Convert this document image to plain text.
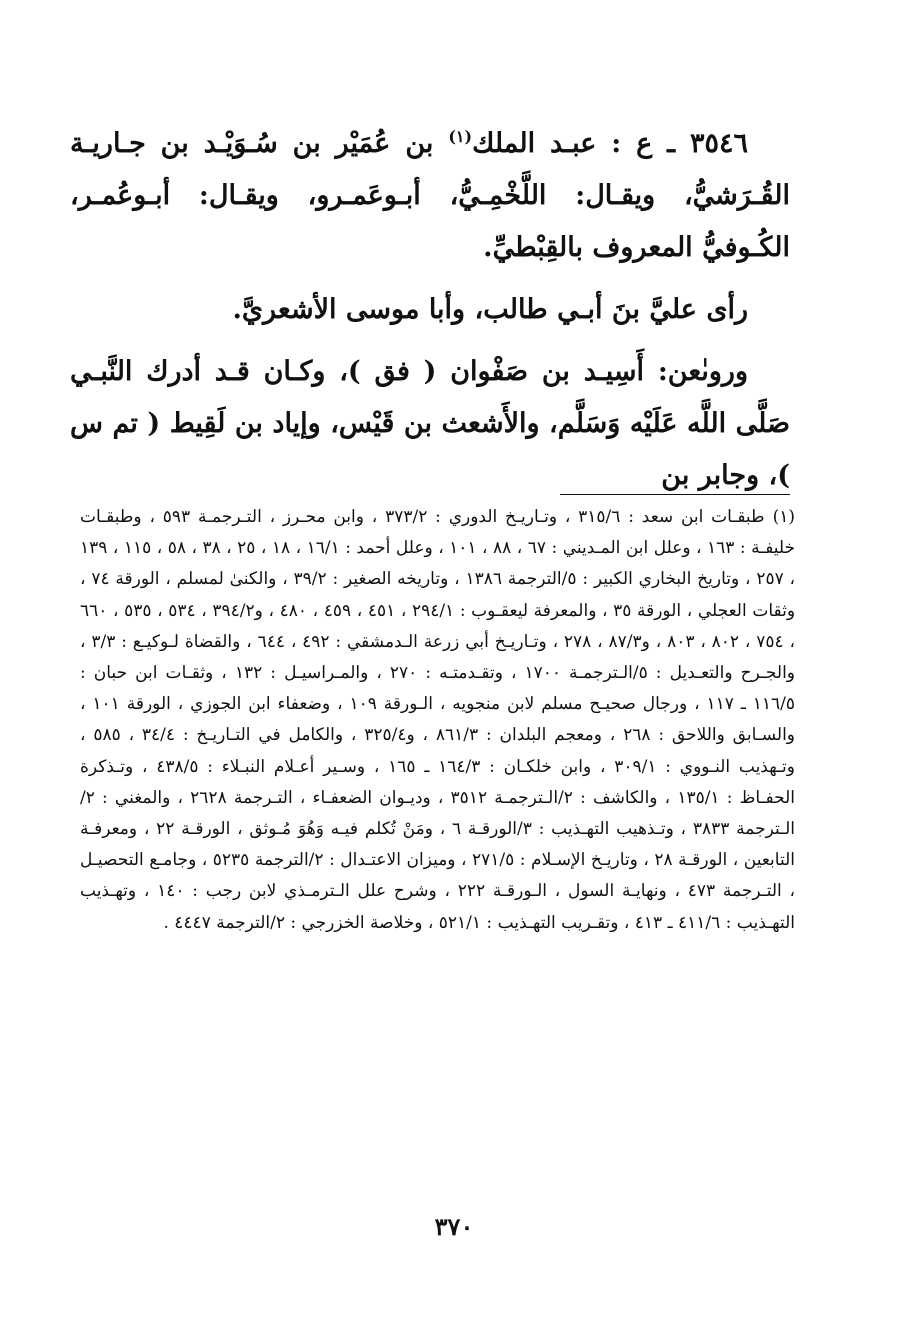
٣٥٤٦ ـ ع : عبـد الملك$^{(١)}$ بن عُمَيْر بن سُـوَيْـد بن جـاريـة القُـرَشيُّ، ويقـال: اللَّخْمِـيُّ، أبـوعَمـرو، ويقـال: أبـوعُمـر، الكُـوفيُّ المعروف بالقِبْطيِّ.

رأى عليَّ بنَ أبـي طالب، وأبا موسى الأشعريَّ.

وروىٰعن: أَسِيـد بن صَفْوان ( فق )، وكـان قـد أدرك النَّبـي صَلَّى اللَّه عَلَيْه وَسَلَّم، والأَشعث بن قَيْس، وإياد بن لَقِيط ( تم س )، وجابر بن

(١)طبقـات ابن سعد : ٣١٥/٦ ، وتـاريـخ الدوري : ٣٧٣/٢ ، وابن محـرز ، التـرجمـة ٥٩٣ ، وطبقـات خليفـة : ١٦٣ ، وعلل ابن المـديني : ٦٧ ، ٨٨ ، ١٠١ ، وعلل أحمد : ١٦/١ ، ١٨ ، ٢٥ ، ٣٨ ، ٥٨ ، ١١٥ ، ١٣٩ ، ٢٥٧ ، وتاريخ البخاري الكبير : ٥/الترجمة ١٣٨٦ ، وتاريخه الصغير : ٣٩/٢ ، والكنىٰ لمسلم ، الورقة ٧٤ ، وثقات العجلي ، الورقة ٣٥ ، والمعرفة ليعقـوب : ٢٩٤/١ ، ٤٥١ ، ٤٥٩ ، ٤٨٠ ، و٣٩٤/٢ ، ٥٣٤ ، ٥٣٥ ، ٦٦٠ ، ٧٥٤ ، ٨٠٢ ، ٨٠٣ ، و٨٧/٣ ، ٢٧٨ ، وتـاريـخ أبي زرعة الـدمشقي : ٤٩٢ ، ٦٤٤ ، والقضاة لـوكيـع : ٣/٣ ، والجـرح والتعـديل : ٥/الـترجمـة ١٧٠٠ ، وتقـدمتـه : ٢٧٠ ، والمـراسيـل : ١٣٢ ، وثقـات ابن حبان : ١١٦/٥ ـ ١١٧ ، ورجال صحيـح مسلم لابن منجويه ، الـورقة ١٠٩ ، وضعفاء ابن الجوزي ، الورقة ١٠١ ، والسـابق واللاحق : ٢٦٨ ، ومعجم البلدان : ٨٦١/٣ ، و٣٢٥/٤ ، والكامل في التـاريـخ : ٣٤/٤ ، ٥٨٥ ، وتـهذيب النـووي : ٣٠٩/١ ، وابن خلكـان : ١٦٤/٣ ـ ١٦٥ ، وسـير أعـلام النبـلاء : ٤٣٨/٥ ، وتـذكرة الحفـاظ : ١٣٥/١ ، والكاشف : ٢/الـترجمـة ٣٥١٢ ، وديـوان الضعفـاء ، التـرجمة ٢٦٢٨ ، والمغني : ٢/الـترجمة ٣٨٣٣ ، وتـذهيب التهـذيب : ٣/الورقـة ٦ ، ومَنْ تُكلم فيـه وَهُوَ مُـوثق ، الورقـة ٢٢ ، ومعرفـة التابعين ، الورقـة ٢٨ ، وتاريـخ الإسـلام : ٢٧١/٥ ، وميزان الاعتـدال : ٢/الترجمة ٥٢٣٥ ، وجامـع التحصيـل ، التـرجمة ٤٧٣ ، ونهايـة السول ، الـورقـة ٢٢٢ ، وشرح علل الـترمـذي لابن رجب : ١٤٠ ، وتهـذيب التهـذيب : ٤١١/٦ ـ ٤١٣ ، وتقـريب التهـذيب : ٥٢١/١ ، وخلاصة الخزرجي : ٢/الترجمة ٤٤٤٧ .
٣٧٠
